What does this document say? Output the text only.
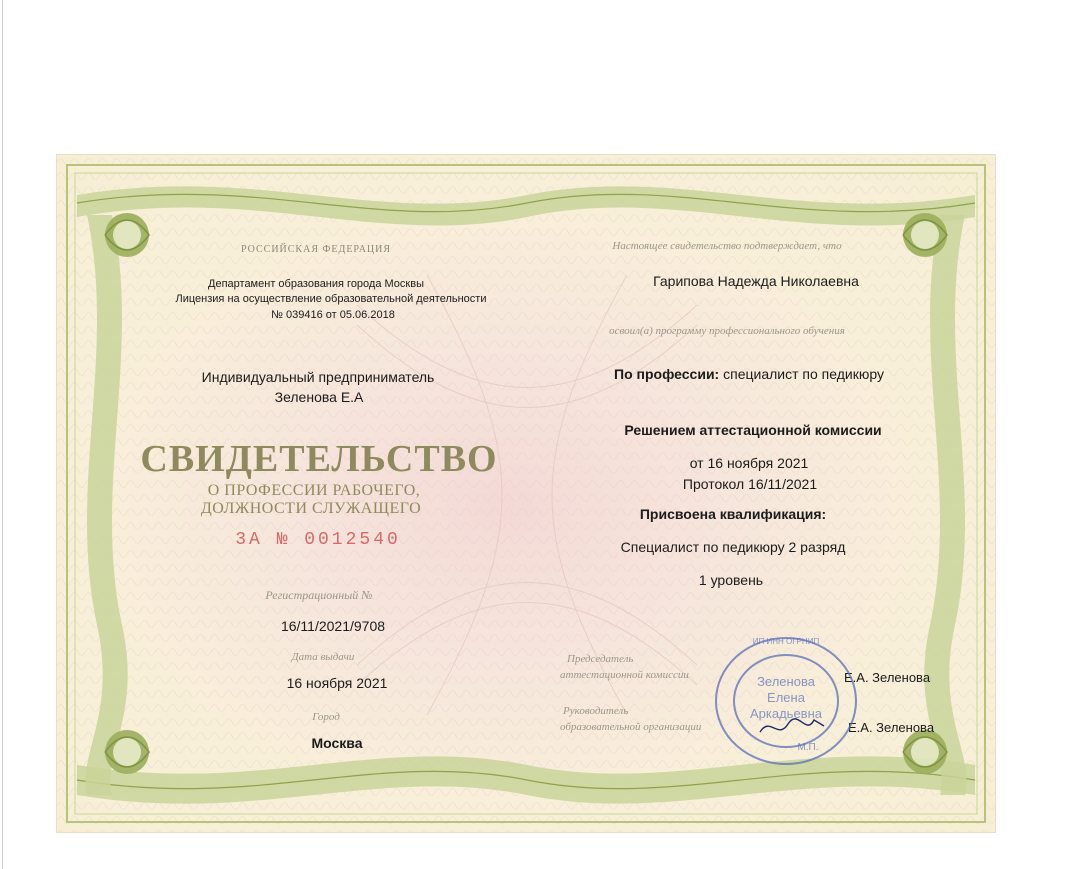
РОССИЙСКАЯ ФЕДЕРАЦИЯ
Департамент образования города Москвы
Лицензия на осуществление образовательной деятельности
№ 039416 от 05.06.2018
Индивидуальный предприниматель
Зеленова Е.А
СВИДЕТЕЛЬСТВО
О ПРОФЕССИИ РАБОЧЕГО,
ДОЛЖНОСТИ СЛУЖАЩЕГО
3А № 0012540
Регистрационный №
16/11/2021/9708
Дата выдачи
16 ноября 2021
Город
Москва
Настоящее свидетельство подтверждает, что
Гарипова Надежда Николаевна
освоил(а) программу профессионального обучения
По профессии: специалист по педикюру
Решением аттестационной комиссии
от 16 ноября 2021
Протокол 16/11/2021
Присвоена квалификация:
Специалист по педикюру 2 разряд
1 уровень
Председатель
аттестационной комиссии	Е.А. Зеленова
Руководитель
образовательной организации	Е.А. Зеленова
ИП ИНН ОГРНИП
Зеленова
Елена
Аркадьевна
М.П.
